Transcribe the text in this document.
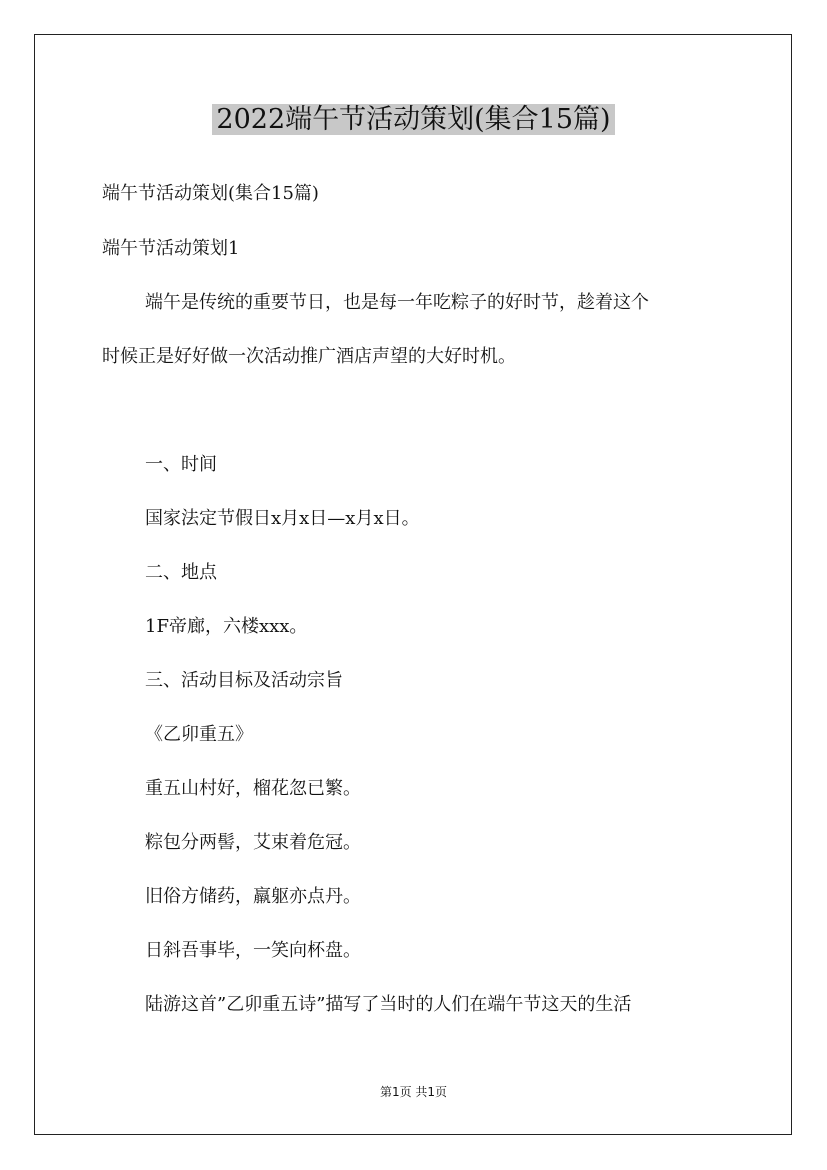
2022端午节活动策划(集合15篇)

端午节活动策划(集合15篇)

端午节活动策划1

端午是传统的重要节日，也是每一年吃粽子的好时节，趁着这个

时候正是好好做一次活动推广酒店声望的大好时机。

一、时间

国家法定节假日x月x日—x月x日。

二、地点

1F帝廊，六楼xxx。

三、活动目标及活动宗旨

《乙卯重五》

重五山村好，榴花忽已繁。

粽包分两髻，艾束着危冠。

旧俗方储药，羸躯亦点丹。

日斜吾事毕，一笑向杯盘。

陆游这首”乙卯重五诗”描写了当时的人们在端午节这天的生活

第1页 共1页
